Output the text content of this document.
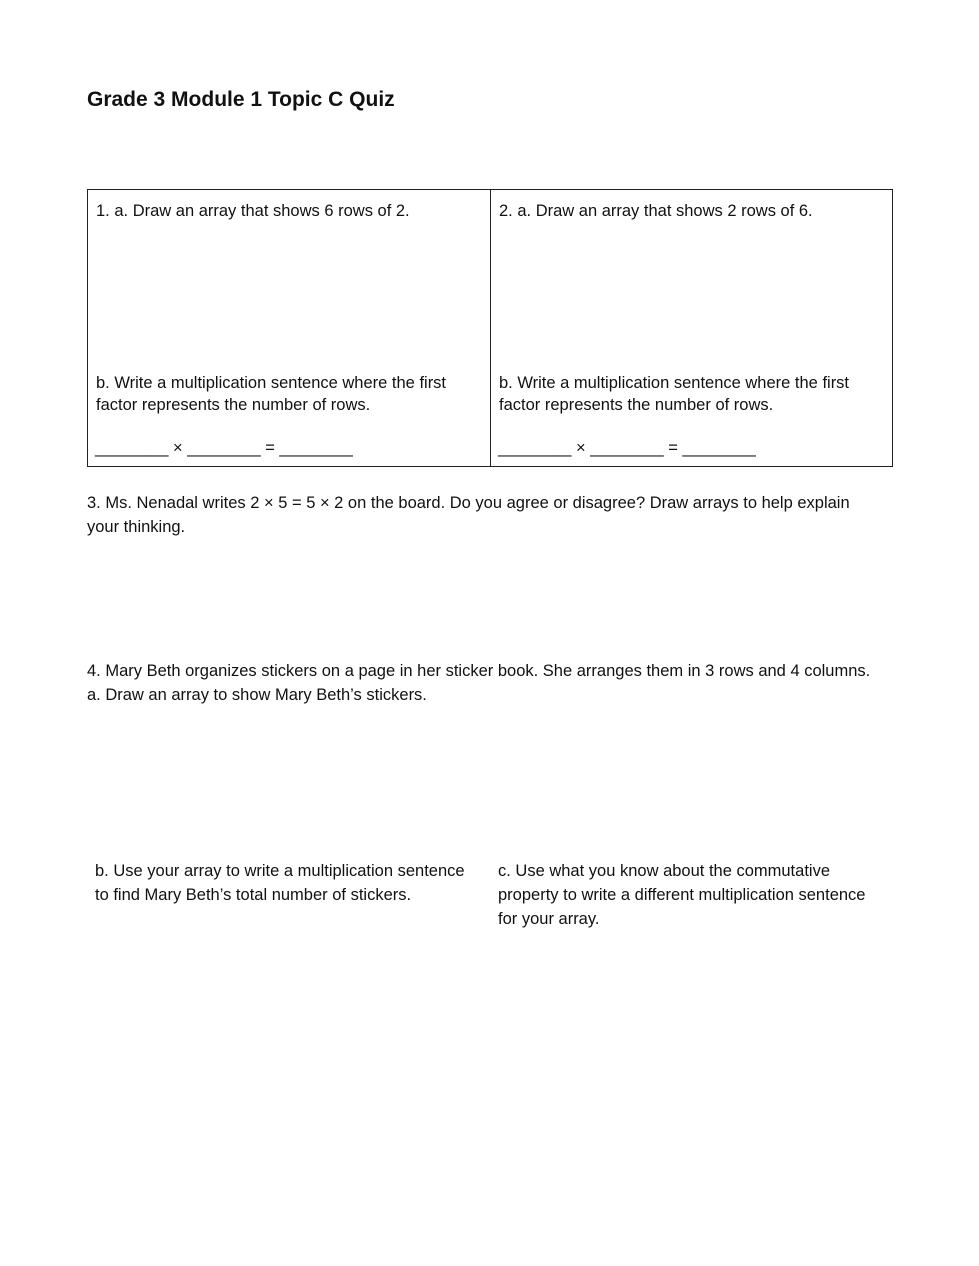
Grade 3 Module 1 Topic C Quiz
1. a. Draw an array that shows 6 rows of 2.
b. Write a multiplication sentence where the first factor represents the number of rows.
2. a. Draw an array that shows 2 rows of 6.
b. Write a multiplication sentence where the first factor represents the number of rows.
________ × ________ = ________	________ × ________ = ________
3. Ms. Nenadal writes 2 × 5 = 5 × 2 on the board. Do you agree or disagree? Draw arrays to help explain your thinking.

4. Mary Beth organizes stickers on a page in her sticker book. She arranges them in 3 rows and 4 columns.

a. Draw an array to show Mary Beth’s stickers.

b. Use your array to write a multiplication sentence to find Mary Beth’s total number of stickers.
c. Use what you know about the commutative property to write a different multiplication sentence for your array.
